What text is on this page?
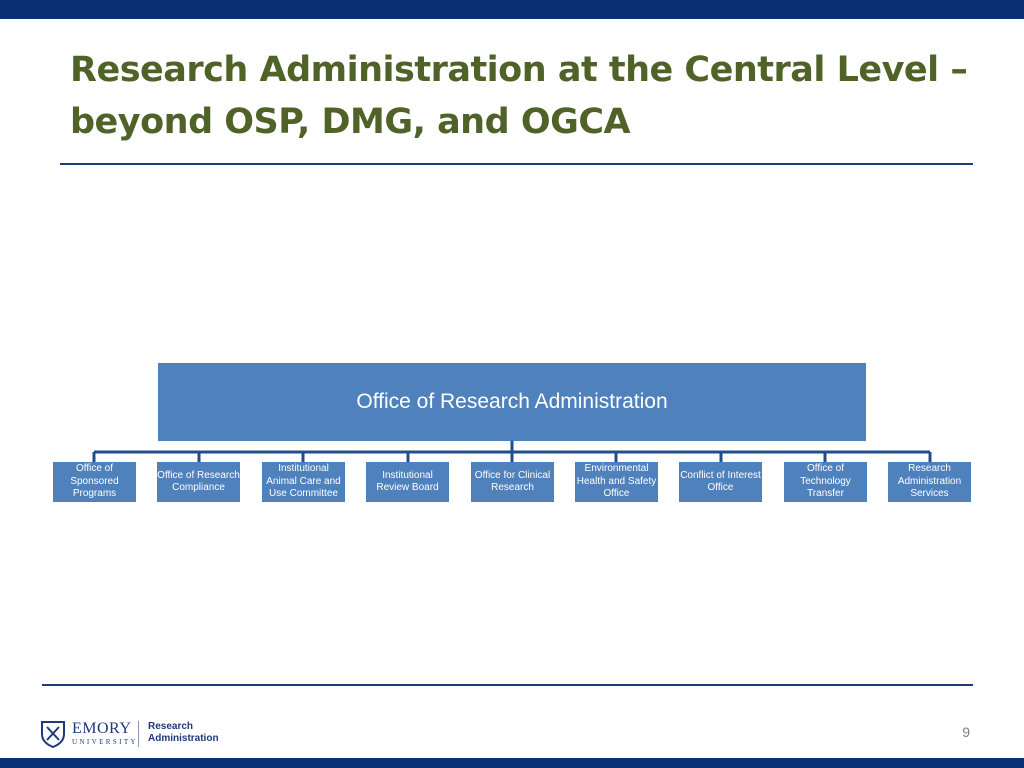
Research Administration at the Central Level –
beyond OSP, DMG, and OGCA
Office of Research Administration
Office of Sponsored Programs
Office of Research Compliance
Institutional Animal Care and Use Committee
Institutional Review Board
Office for Clinical Research
Environmental Health and Safety Office
Conflict of Interest Office
Office of Technology Transfer
Research Administration Services
EMORY
UNIVERSITY
Research
Administration	9
